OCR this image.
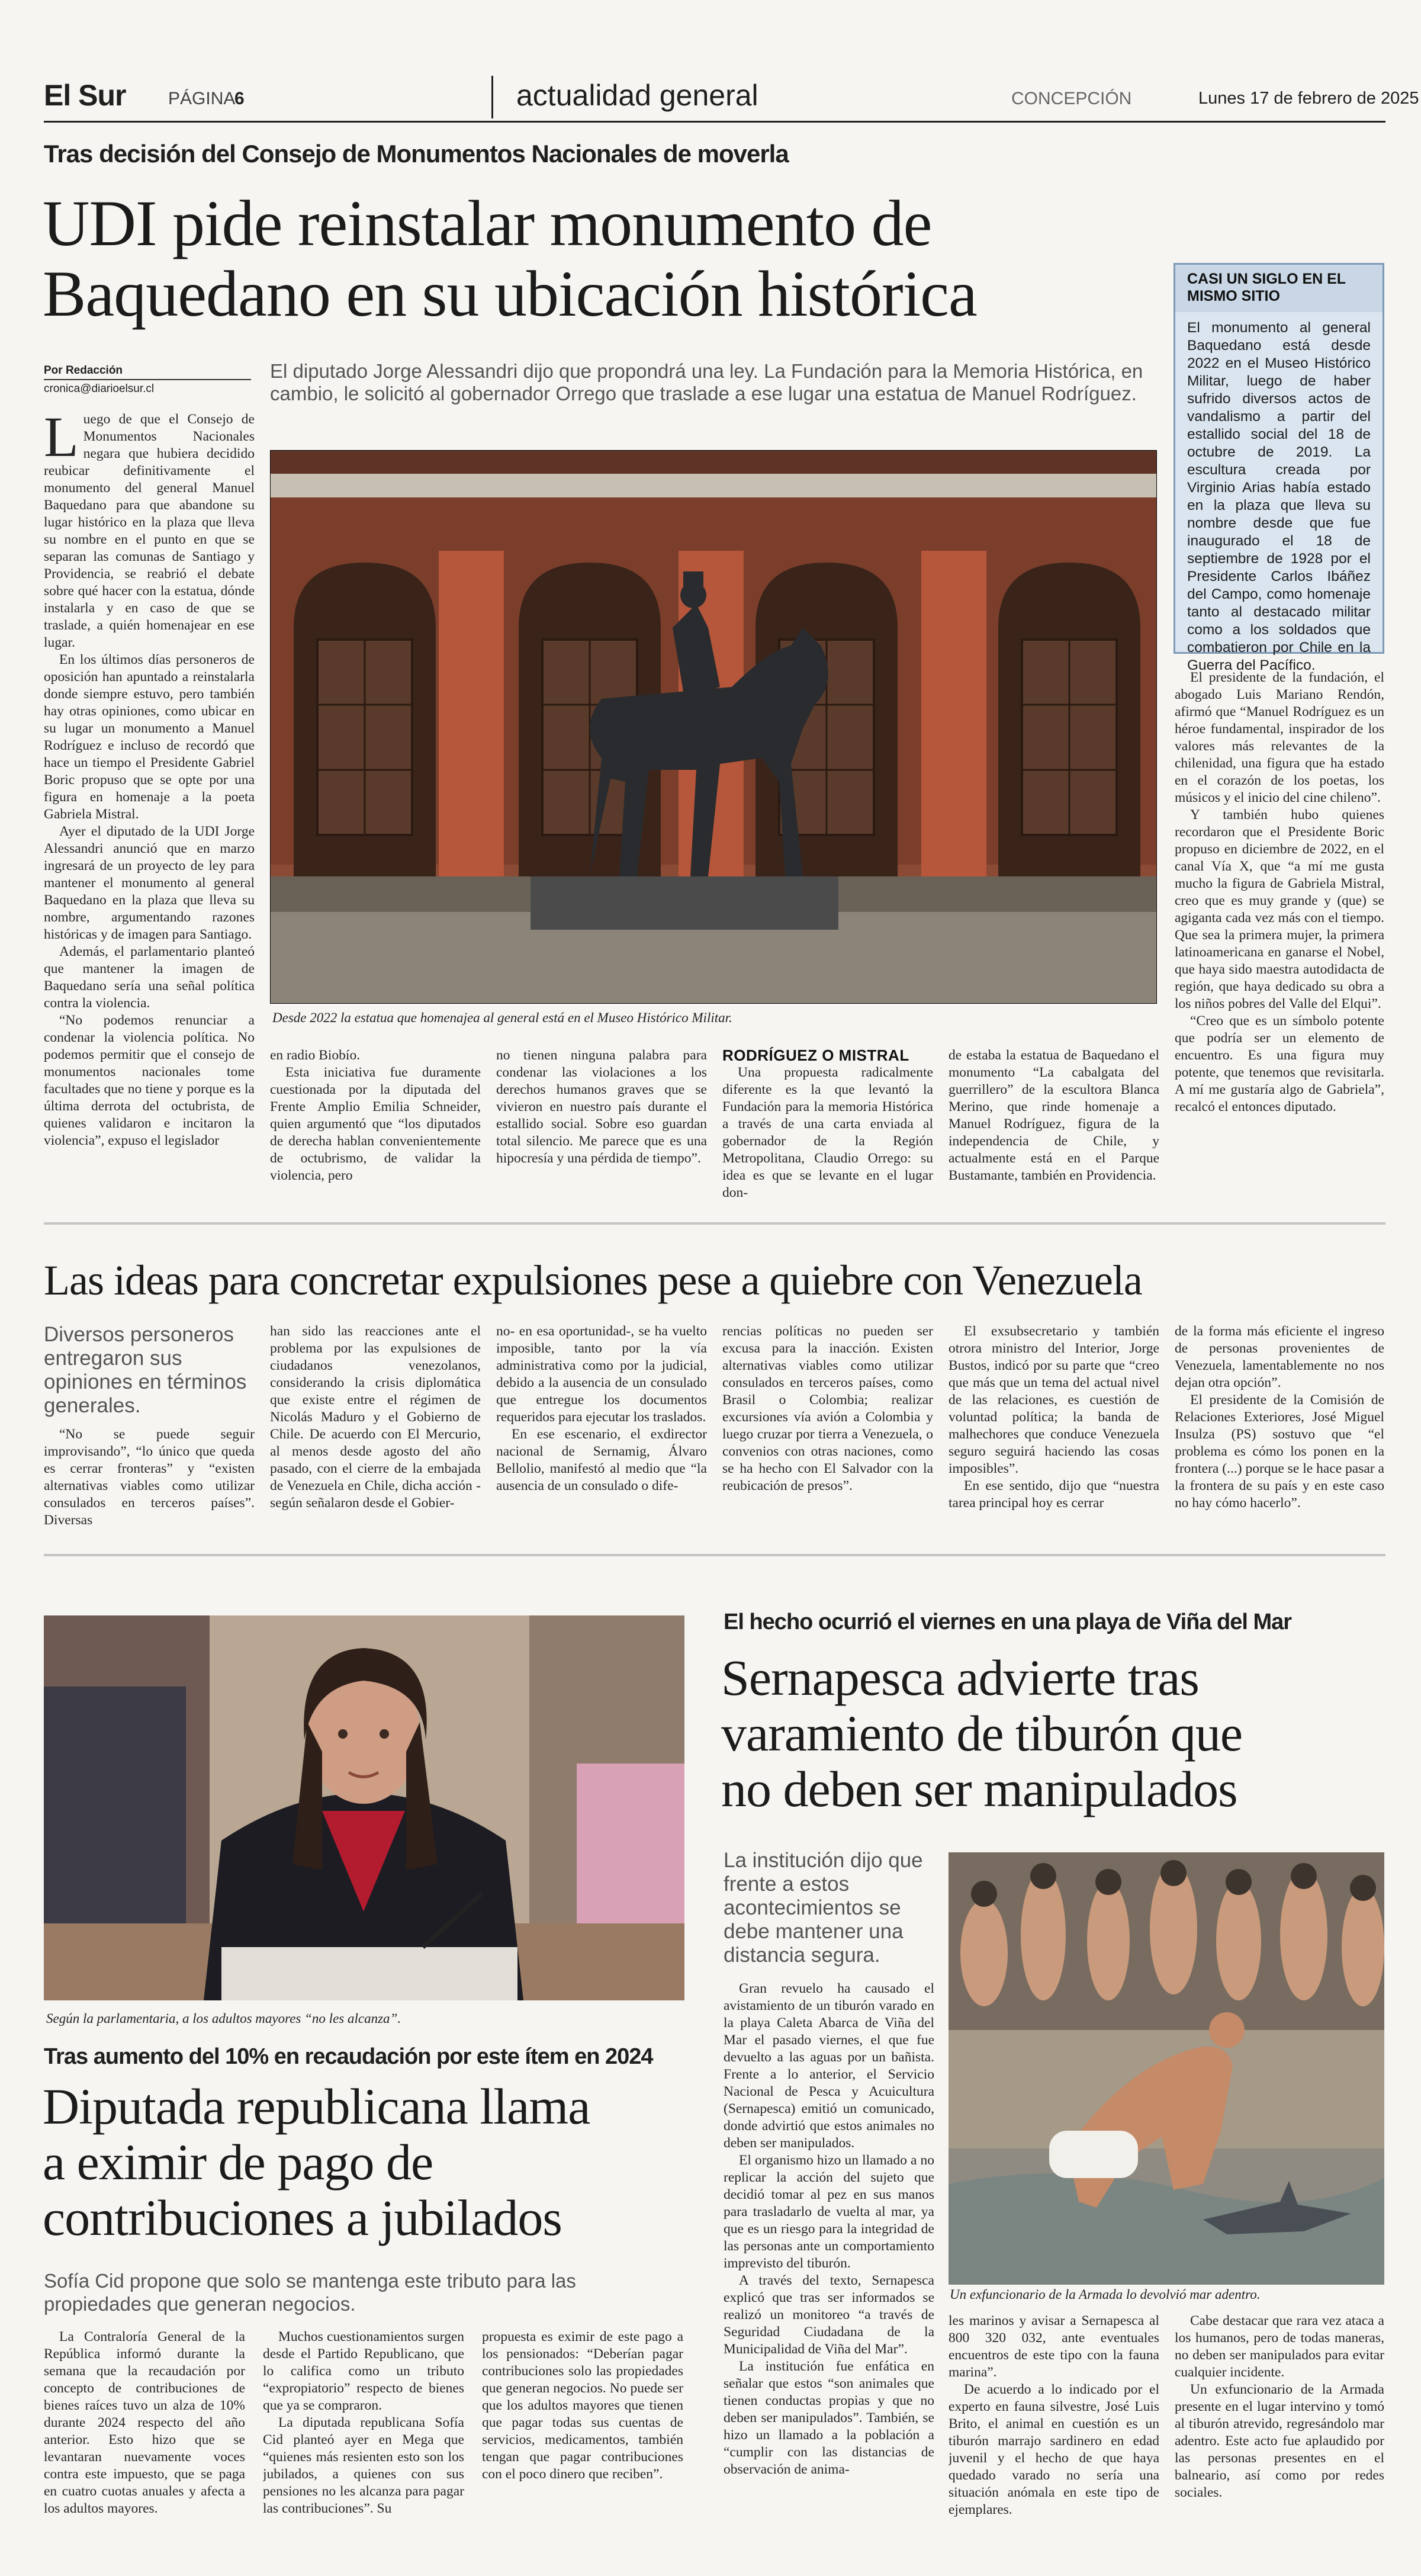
El Sur PÁGINA
6	actualidad general	CONCEPCIÓN	Lunes 17 de febrero de 2025
Tras decisión del Consejo de Monumentos Nacionales de moverla
UDI pide reinstalar monumento de
Baquedano en su ubicación histórica
Por Redacción
cronica@diarioelsur.cl
El diputado Jorge Alessandri dijo que propondrá una ley. La Fundación para la Memoria Histórica, en cambio, le solicitó al gobernador Orrego que traslade a ese lugar una estatua de Manuel Rodríguez.
Desde 2022 la estatua que homenajea al general está en el Museo Histórico Militar.

Luego de que el Consejo de Monumentos Nacionales negara que hubiera decidido reubicar definitivamente el monumento del general Manuel Baquedano para que abandone su lugar histórico en la plaza que lleva su nombre en el punto en que se separan las comunas de Santiago y Providencia, se reabrió el debate sobre qué hacer con la estatua, dónde instalarla y en caso de que se traslade, a quién homenajear en ese lugar.

En los últimos días personeros de oposición han apuntado a reinstalarla donde siempre estuvo, pero también hay otras opiniones, como ubicar en su lugar un monumento a Manuel Rodríguez e incluso de recordó que hace un tiempo el Presidente Gabriel Boric propuso que se opte por una figura en homenaje a la poeta Gabriela Mistral.

Ayer el diputado de la UDI Jorge Alessandri anunció que en marzo ingresará de un proyecto de ley para mantener el monumento al general Baquedano en la plaza que lleva su nombre, argumentando razones históricas y de imagen para Santiago.

Además, el parlamentario planteó que mantener la imagen de Baquedano sería una señal política contra la violencia.

“No podemos renunciar a condenar la violencia política. No podemos permitir que el consejo de monumentos nacionales tome facultades que no tiene y porque es la última derrota del octubrista, de quienes validaron e incitaron la violencia”, expuso el legislador

en radio Biobío.

Esta iniciativa fue duramente cuestionada por la diputada del Frente Amplio Emilia Schneider, quien argumentó que “los diputados de derecha hablan convenientemente de octubrismo, de validar la violencia, pero

no tienen ninguna palabra para condenar las violaciones a los derechos humanos graves que se vivieron en nuestro país durante el estallido social. Sobre eso guardan total silencio. Me parece que es una hipocresía y una pérdida de tiempo”.

RODRÍGUEZ O MISTRAL

Una propuesta radicalmente diferente es la que levantó la Fundación para la memoria Histórica a través de una carta enviada al gobernador de la Región Metropolitana, Claudio Orrego: su idea es que se levante en el lugar don-

de estaba la estatua de Baquedano el monumento “La cabalgata del guerrillero” de la escultora Blanca Merino, que rinde homenaje a Manuel Rodríguez, figura de la independencia de Chile, y actualmente está en el Parque Bustamante, también en Providencia.

CASI UN SIGLO EN EL MISMO SITIO
El monumento al general Baquedano está desde 2022 en el Museo Histórico Militar, luego de haber sufrido diversos actos de vandalismo a partir del estallido social del 18 de octubre de 2019. La escultura creada por Virginio Arias había estado en la plaza que lleva su nombre desde que fue inaugurado el 18 de septiembre de 1928 por el Presidente Carlos Ibáñez del Campo, como homenaje tanto al destacado militar como a los soldados que combatieron por Chile en la Guerra del Pacífico.

El presidente de la fundación, el abogado Luis Mariano Rendón, afirmó que “Manuel Rodríguez es un héroe fundamental, inspirador de los valores más relevantes de la chilenidad, una figura que ha estado en el corazón de los poetas, los músicos y el inicio del cine chileno”.

Y también hubo quienes recordaron que el Presidente Boric propuso en diciembre de 2022, en el canal Vía X, que “a mí me gusta mucho la figura de Gabriela Mistral, creo que es muy grande y (que) se agiganta cada vez más con el tiempo. Que sea la primera mujer, la primera latinoamericana en ganarse el Nobel, que haya sido maestra autodidacta de región, que haya dedicado su obra a los niños pobres del Valle del Elqui”.

“Creo que es un símbolo potente que podría ser un elemento de encuentro. Es una figura muy potente, que tenemos que revisitarla. A mí me gustaría algo de Gabriela”, recalcó el entonces diputado.

Las ideas para concretar expulsiones pese a quiebre con Venezuela
Diversos personeros entregaron sus opiniones en términos generales.

“No se puede seguir improvisando”, “lo único que queda es cerrar fronteras” y “existen alternativas viables como utilizar consulados en terceros países”. Diversas

han sido las reacciones ante el problema por las expulsiones de ciudadanos venezolanos, considerando la crisis diplomática que existe entre el régimen de Nicolás Maduro y el Gobierno de Chile. De acuerdo con El Mercurio, al menos desde agosto del año pasado, con el cierre de la embajada de Venezuela en Chile, dicha acción -según señalaron desde el Gobier-

no- en esa oportunidad-, se ha vuelto imposible, tanto por la vía administrativa como por la judicial, debido a la ausencia de un consulado que entregue los documentos requeridos para ejecutar los traslados.

En ese escenario, el exdirector nacional de Sernamig, Álvaro Bellolio, manifestó al medio que “la ausencia de un consulado o dife-

rencias políticas no pueden ser excusa para la inacción. Existen alternativas viables como utilizar consulados en terceros países, como Brasil o Colombia; realizar excursiones vía avión a Colombia y luego cruzar por tierra a Venezuela, o convenios con otras naciones, como se ha hecho con El Salvador con la reubicación de presos”.

El exsubsecretario y también otrora ministro del Interior, Jorge Bustos, indicó por su parte que “creo que más que un tema del actual nivel de las relaciones, es cuestión de voluntad política; la banda de malhechores que conduce Venezuela seguro seguirá haciendo las cosas imposibles”.

En ese sentido, dijo que “nuestra tarea principal hoy es cerrar

de la forma más eficiente el ingreso de personas provenientes de Venezuela, lamentablemente no nos dejan otra opción”.

El presidente de la Comisión de Relaciones Exteriores, José Miguel Insulza (PS) sostuvo que “el problema es cómo los ponen en la frontera (...) porque se le hace pasar a la frontera de su país y en este caso no hay cómo hacerlo”.

Según la parlamentaria, a los adultos mayores “no les alcanza”.
Tras aumento del 10% en recaudación por este ítem en 2024
Diputada republicana llama
a eximir de pago de
contribuciones a jubilados
Sofía Cid propone que solo se mantenga este tributo para las propiedades que generan negocios.

La Contraloría General de la República informó durante la semana que la recaudación por concepto de contribuciones de bienes raíces tuvo un alza de 10% durante 2024 respecto del año anterior. Esto hizo que se levantaran nuevamente voces contra este impuesto, que se paga en cuatro cuotas anuales y afecta a los adultos mayores.

Muchos cuestionamientos surgen desde el Partido Republicano, que lo califica como un tributo “expropiatorio” respecto de bienes que ya se compraron.

La diputada republicana Sofía Cid planteó ayer en Mega que “quienes más resienten esto son los jubilados, a quienes con sus pensiones no les alcanza para pagar las contribuciones”. Su

propuesta es eximir de este pago a los pensionados: “Deberían pagar contribuciones solo las propiedades que generan negocios. No puede ser que los adultos mayores que tienen que pagar todas sus cuentas de servicios, medicamentos, también tengan que pagar contribuciones con el poco dinero que reciben”.

El hecho ocurrió el viernes en una playa de Viña del Mar
Sernapesca advierte tras
varamiento de tiburón que
no deben ser manipulados
La institución dijo que frente a estos acontecimientos se debe mantener una distancia segura.
Un exfuncionario de la Armada lo devolvió mar adentro.

Gran revuelo ha causado el avistamiento de un tiburón varado en la playa Caleta Abarca de Viña del Mar el pasado viernes, el que fue devuelto a las aguas por un bañista. Frente a lo anterior, el Servicio Nacional de Pesca y Acuicultura (Sernapesca) emitió un comunicado, donde advirtió que estos animales no deben ser manipulados.

El organismo hizo un llamado a no replicar la acción del sujeto que decidió tomar al pez en sus manos para trasladarlo de vuelta al mar, ya que es un riesgo para la integridad de las personas ante un comportamiento imprevisto del tiburón.

A través del texto, Sernapesca explicó que tras ser informados se realizó un monitoreo “a través de Seguridad Ciudadana de la Municipalidad de Viña del Mar”.

La institución fue enfática en señalar que estos “son animales que tienen conductas propias y que no deben ser manipulados”. También, se hizo un llamado a la población a “cumplir con las distancias de observación de anima-

les marinos y avisar a Sernapesca al 800 320 032, ante eventuales encuentros de este tipo con la fauna marina”.

De acuerdo a lo indicado por el experto en fauna silvestre, José Luis Brito, el animal en cuestión es un tiburón marrajo sardinero en edad juvenil y el hecho de que haya quedado varado no sería una situación anómala en este tipo de ejemplares.

Cabe destacar que rara vez ataca a los humanos, pero de todas maneras, no deben ser manipulados para evitar cualquier incidente.

Un exfuncionario de la Armada presente en el lugar intervino y tomó al tiburón atrevido, regresándolo mar adentro. Este acto fue aplaudido por las personas presentes en el balneario, así como por redes sociales.
